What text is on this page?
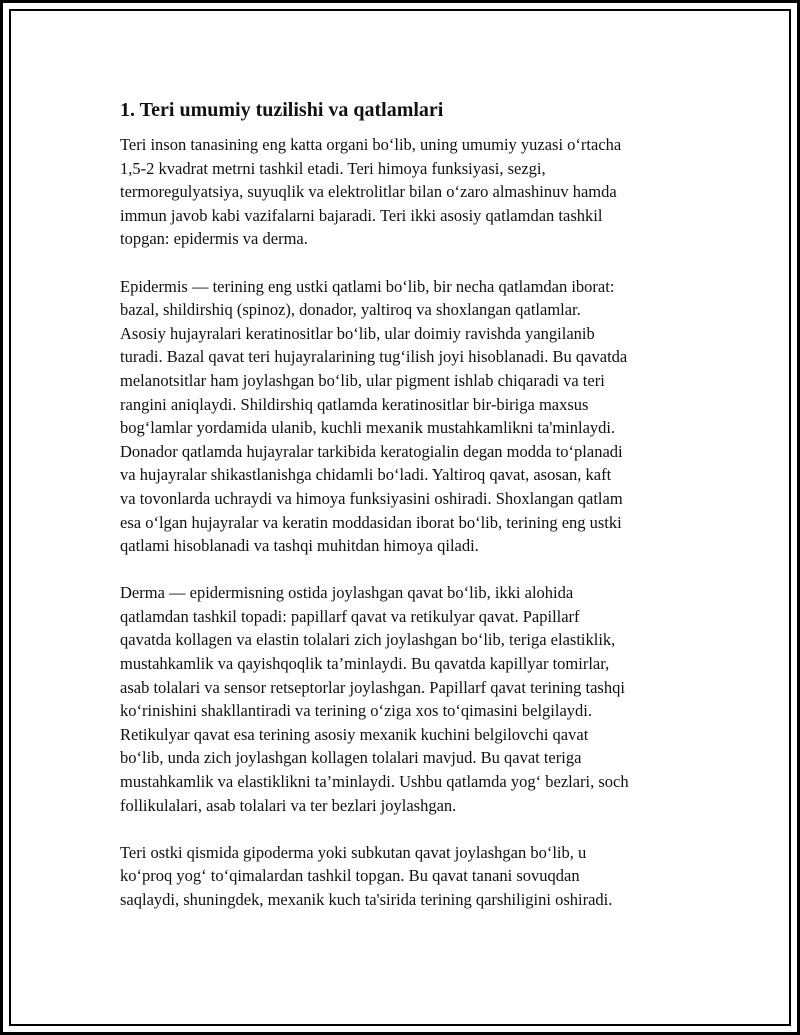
1. Teri umumiy tuzilishi va qatlamlari

Teri inson tanasining eng katta organi bo‘lib, uning umumiy yuzasi o‘rtacha
1,5-2 kvadrat metrni tashkil etadi. Teri himoya funksiyasi, sezgi,
termoregulyatsiya, suyuqlik va elektrolitlar bilan o‘zaro almashinuv hamda
immun javob kabi vazifalarni bajaradi. Teri ikki asosiy qatlamdan tashkil
topgan: epidermis va derma.

Epidermis — terining eng ustki qatlami bo‘lib, bir necha qatlamdan iborat:
bazal, shildirshiq (spinoz), donador, yaltiroq va shoxlangan qatlamlar.
Asosiy hujayralari keratinositlar bo‘lib, ular doimiy ravishda yangilanib
turadi. Bazal qavat teri hujayralarining tug‘ilish joyi hisoblanadi. Bu qavatda
melanotsitlar ham joylashgan bo‘lib, ular pigment ishlab chiqaradi va teri
rangini aniqlaydi. Shildirshiq qatlamda keratinositlar bir-biriga maxsus
bog‘lamlar yordamida ulanib, kuchli mexanik mustahkamlikni ta'minlaydi.
Donador qatlamda hujayralar tarkibida keratogialin degan modda to‘planadi
va hujayralar shikastlanishga chidamli bo‘ladi. Yaltiroq qavat, asosan, kaft
va tovonlarda uchraydi va himoya funksiyasini oshiradi. Shoxlangan qatlam
esa o‘lgan hujayralar va keratin moddasidan iborat bo‘lib, terining eng ustki
qatlami hisoblanadi va tashqi muhitdan himoya qiladi.

Derma — epidermisning ostida joylashgan qavat bo‘lib, ikki alohida
qatlamdan tashkil topadi: papillarf qavat va retikulyar qavat. Papillarf
qavatda kollagen va elastin tolalari zich joylashgan bo‘lib, teriga elastiklik,
mustahkamlik va qayishqoqlik ta’minlaydi. Bu qavatda kapillyar tomirlar,
asab tolalari va sensor retseptorlar joylashgan. Papillarf qavat terining tashqi
ko‘rinishini shakllantiradi va terining o‘ziga xos to‘qimasini belgilaydi.
Retikulyar qavat esa terining asosiy mexanik kuchini belgilovchi qavat
bo‘lib, unda zich joylashgan kollagen tolalari mavjud. Bu qavat teriga
mustahkamlik va elastiklikni ta’minlaydi. Ushbu qatlamda yog‘ bezlari, soch
follikulalari, asab tolalari va ter bezlari joylashgan.

Teri ostki qismida gipoderma yoki subkutan qavat joylashgan bo‘lib, u
ko‘proq yog‘ to‘qimalardan tashkil topgan. Bu qavat tanani sovuqdan
saqlaydi, shuningdek, mexanik kuch ta'sirida terining qarshiligini oshiradi.
